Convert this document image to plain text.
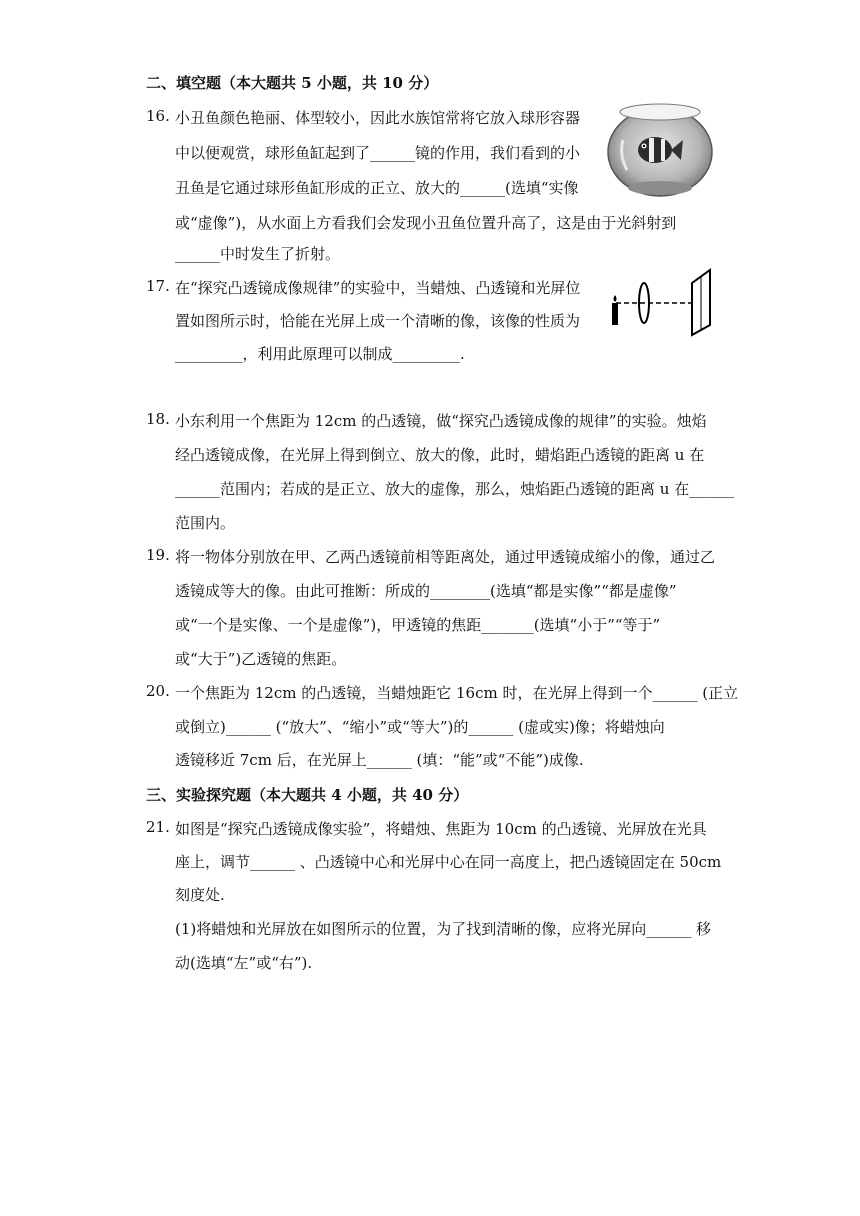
二、填空题（本大题共 5 小题，共 10 分）
16. 小丑鱼颜色艳丽、体型较小，因此水族馆常将它放入球形容器
中以便观赏，球形鱼缸起到了______镜的作用，我们看到的小
丑鱼是它通过球形鱼缸形成的正立、放大的______(选填“实像
或“虚像”)，从水面上方看我们会发现小丑鱼位置升高了，这是由于光斜射到
______中时发生了折射。
17. 在“探究凸透镜成像规律”的实验中，当蜡烛、凸透镜和光屏位
置如图所示时，恰能在光屏上成一个清晰的像，该像的性质为
_________，利用此原理可以制成_________.
18. 小东利用一个焦距为 12cm 的凸透镜，做“探究凸透镜成像的规律”的实验。烛焰
经凸透镜成像，在光屏上得到倒立、放大的像，此时，蜡焰距凸透镜的距离 u 在
______范围内；若成的是正立、放大的虚像，那么，烛焰距凸透镜的距离 u 在______
范围内。
19. 将一物体分别放在甲、乙两凸透镜前相等距离处，通过甲透镜成缩小的像，通过乙
透镜成等大的像。由此可推断：所成的________(选填“都是实像”“都是虚像”
或“一个是实像、一个是虚像”)，甲透镜的焦距_______(选填“小于”“等于”
或“大于”)乙透镜的焦距。
20. 一个焦距为 12cm 的凸透镜，当蜡烛距它 16cm 时，在光屏上得到一个______ (正立
或倒立)______ (“放大”、“缩小”或“等大”)的______ (虚或实)像；将蜡烛向
透镜移近 7cm 后，在光屏上______ (填：“能”或“不能”)成像.
三、实验探究题（本大题共 4 小题，共 40 分）
21. 如图是“探究凸透镜成像实验”，将蜡烛、焦距为 10cm 的凸透镜、光屏放在光具
座上，调节______ 、凸透镜中心和光屏中心在同一高度上，把凸透镜固定在 50cm
刻度处.
(1)将蜡烛和光屏放在如图所示的位置，为了找到清晰的像，应将光屏向______ 移
动(选填“左”或“右”).
